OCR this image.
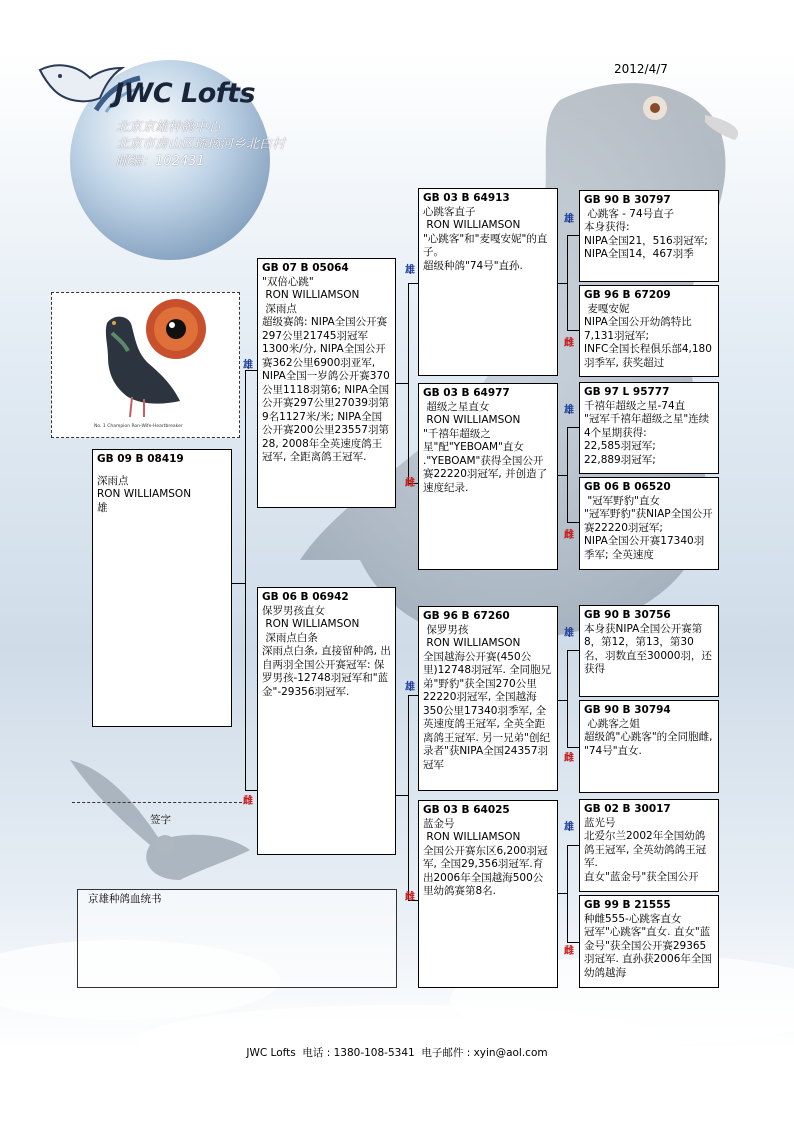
JWC Lofts
2012/4/7
北京京雄种鸽中心
北京市房山区琉璃河乡北白村
邮编：102431
No. 1 Champion Ron-Wife-Heartbreaker
GB 09 B 08419
深雨点
RON WILLIAMSON
雄
雄
雌
GB 07 B 05064
"双倍心跳"
RON WILLIAMSON
深雨点
超级赛鸽: NIPA全国公开赛297公里21745羽冠军1300米/分, NIPA全国公开赛362公里6900羽亚军, NIPA全国一岁鸽公开赛370公里1118羽第6; NIPA全国公开赛297公里27039羽第9名1127米/米; NIPA全国公开赛200公里23557羽第28, 2008年全英速度鸽王冠军, 全距离鸽王冠军.
GB 06 B 06942
保罗男孩直女
RON WILLIAMSON
深雨点白条
深雨点白条, 直接留种鸽, 出自两羽全国公开赛冠军: 保罗男孩-12748羽冠军和"蓝金"-29356羽冠军.
雄
雌
雄
雌
GB 03 B 64913
心跳客直子
RON WILLIAMSON
"心跳客"和"麦嘎安妮"的直子。
超级种鸽"74号"直孙.
GB 03 B 64977
超级之星直女
RON WILLIAMSON
"千禧年超级之星"配"YEBOAM"直女
."YEBOAM"获得全国公开赛22220羽冠军, 并创造了速度纪录.
GB 96 B 67260
保罗男孩
RON WILLIAMSON
全国越海公开赛(450公里)12748羽冠军. 全同胞兄弟"野豹"获全国270公里22220羽冠军, 全国越海350公里17340羽季军, 全英速度鸽王冠军, 全英全距离鸽王冠军. 另一兄弟"创纪录者"获NIPA全国24357羽冠军
GB 03 B 64025
蓝金号
RON WILLIAMSON
全国公开赛东区6,200羽冠军, 全国29,356羽冠军.育出2006年全国越海500公里幼鸽赛第8名.
雄
雌
雄
雌
雄
雌
雄
雌
GB 90 B 30797
心跳客 - 74号直子
本身获得:
NIPA全国21，516羽冠军;
NIPA全国14，467羽季
GB 96 B 67209
麦嘎安妮
NIPA全国公开幼鸽特比7,131羽冠军;
INFC全国长程俱乐部4,180羽季军, 获奖超过
GB 97 L 95777
千禧年超级之星-74直
"冠军千禧年超级之星"连续4个星期获得:
22,585羽冠军;
22,889羽冠军;
GB 06 B 06520
"冠军野豹"直女
"冠军野豹"获NIAP全国公开赛22220羽冠军;
NIPA全国公开赛17340羽季军; 全英速度
GB 90 B 30756
本身获NIPA全国公开赛第8，第12，第13，第30名，羽数直至30000羽，还获得
GB 90 B 30794
心跳客之姐
超级鸽"心跳客"的全同胞雌, "74号"直女.
GB 02 B 30017
蓝光号
北爱尔兰2002年全国幼鸽鸽王冠军, 全英幼鸽鸽王冠军.
直女"蓝金号"获全国公开
GB 99 B 21555
种雌555-心跳客直女
冠军"心跳客"直女. 直女"蓝金号"获全国公开赛29365羽冠军. 直孙获2006年全国幼鸽越海
签字
京雄种鸽血统书
JWC Lofts  电话 : 1380-108-5341  电子邮件 : xyin@aol.com
